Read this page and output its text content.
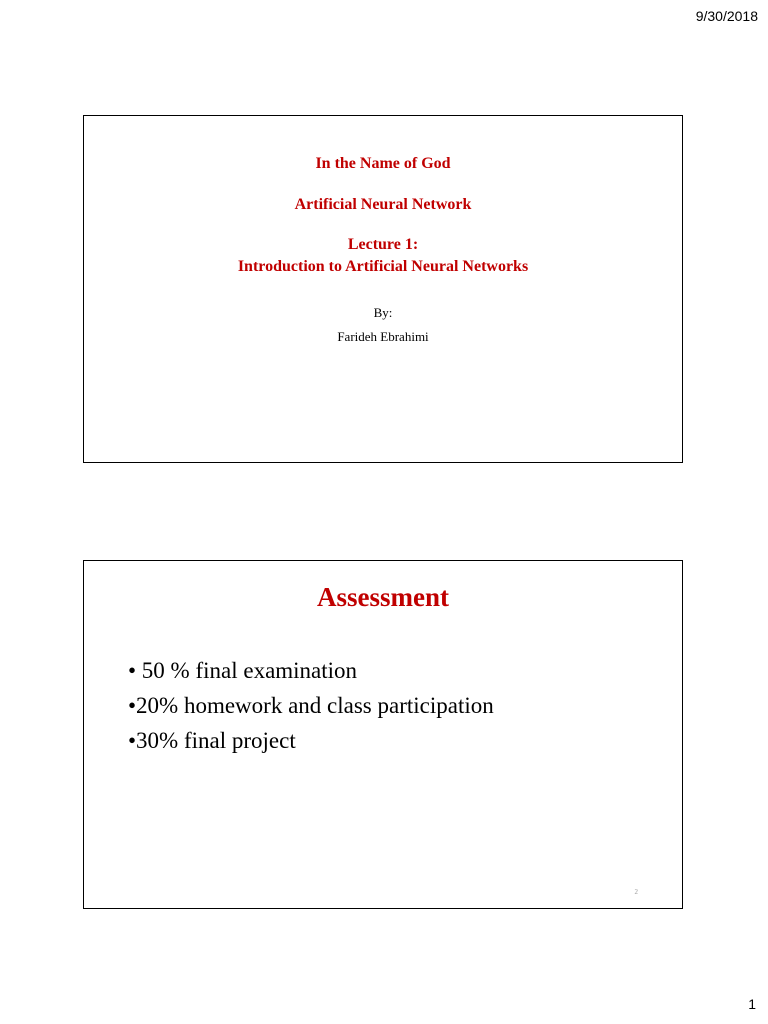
9/30/2018
In the Name of God
Artificial Neural Network
Lecture 1:
Introduction to Artificial Neural Networks
By:
Farideh Ebrahimi
Assessment
• 50 % final examination
•20% homework and class participation
•30% final project
2
1
